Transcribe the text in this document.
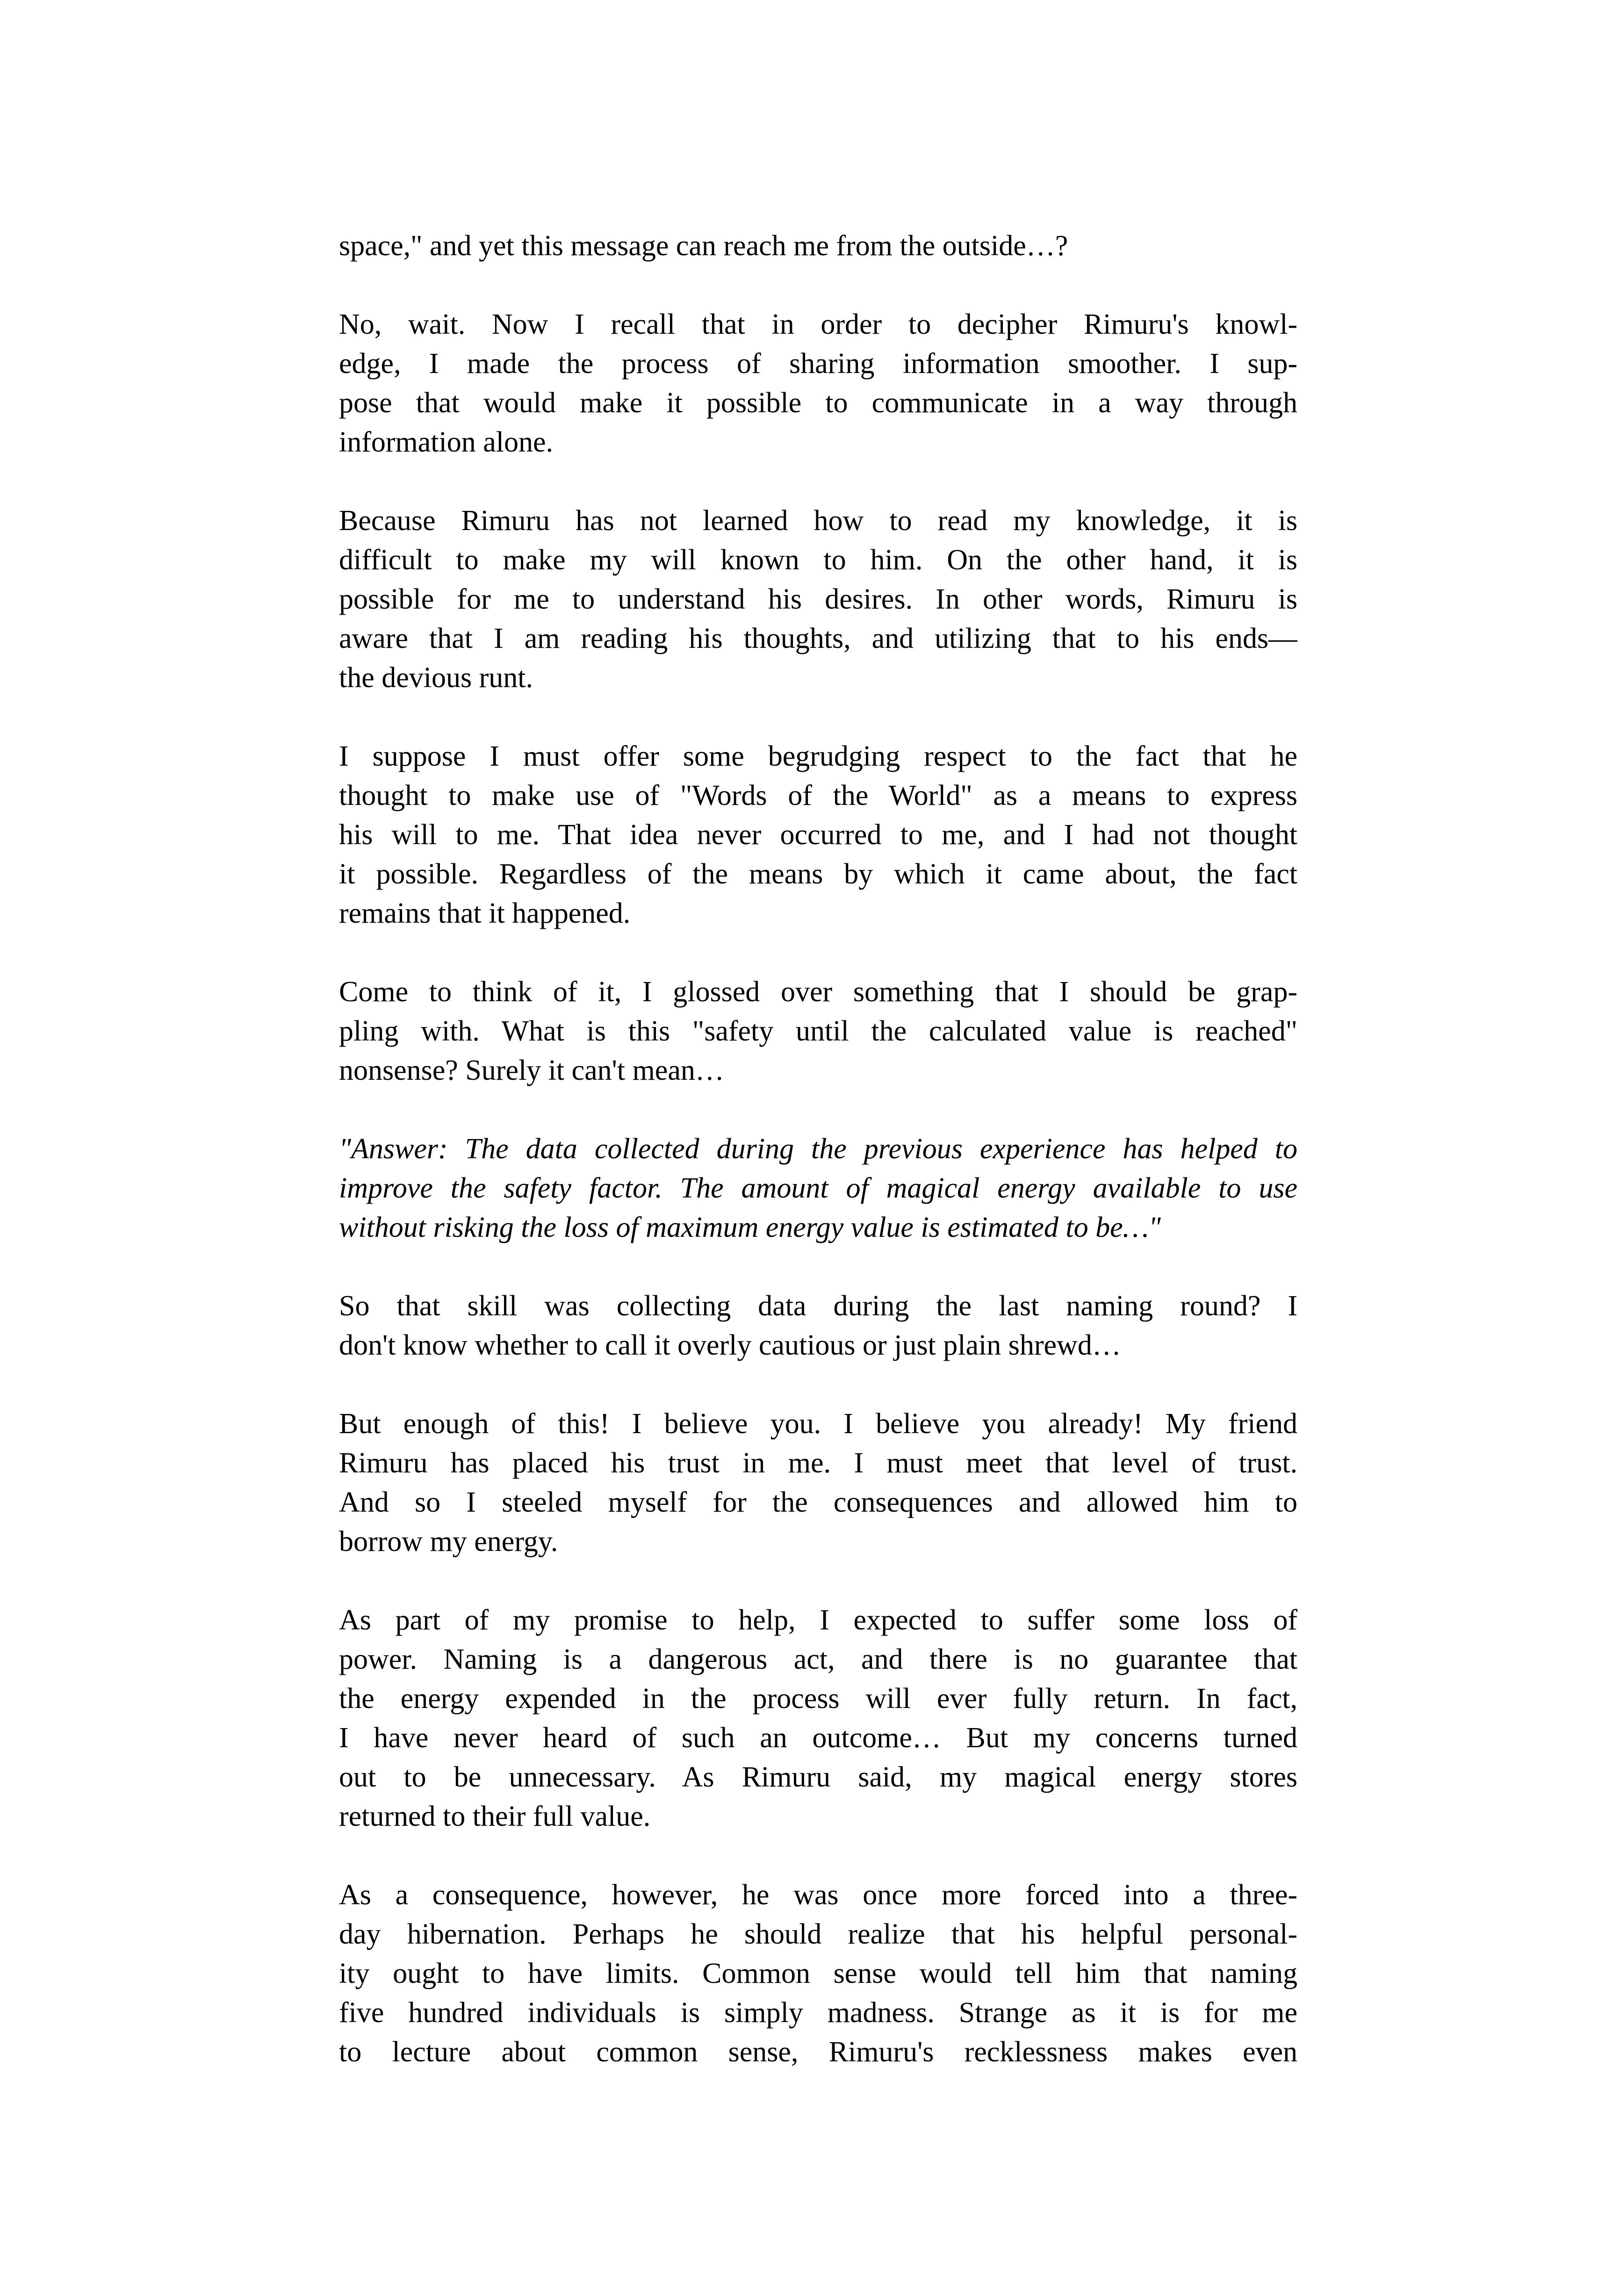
space," and yet this message can reach me from the outside…?

No, wait. Now I recall that in order to decipher Rimuru's knowl-
edge, I made the process of sharing information smoother. I sup-
pose that would make it possible to communicate in a way through
information alone.

Because Rimuru has not learned how to read my knowledge, it is
difficult to make my will known to him. On the other hand, it is
possible for me to understand his desires. In other words, Rimuru is
aware that I am reading his thoughts, and utilizing that to his ends—
the devious runt.

I suppose I must offer some begrudging respect to the fact that he
thought to make use of "Words of the World" as a means to express
his will to me. That idea never occurred to me, and I had not thought
it possible. Regardless of the means by which it came about, the fact
remains that it happened.

Come to think of it, I glossed over something that I should be grap-
pling with. What is this "safety until the calculated value is reached"
nonsense? Surely it can't mean…

"Answer: The data collected during the previous experience has helped to
improve the safety factor. The amount of magical energy available to use
without risking the loss of maximum energy value is estimated to be…"

So that skill was collecting data during the last naming round? I
don't know whether to call it overly cautious or just plain shrewd…

But enough of this! I believe you. I believe you already! My friend
Rimuru has placed his trust in me. I must meet that level of trust.
And so I steeled myself for the consequences and allowed him to
borrow my energy.

As part of my promise to help, I expected to suffer some loss of
power. Naming is a dangerous act, and there is no guarantee that
the energy expended in the process will ever fully return. In fact,
I have never heard of such an outcome… But my concerns turned
out to be unnecessary. As Rimuru said, my magical energy stores
returned to their full value.

As a consequence, however, he was once more forced into a three-
day hibernation. Perhaps he should realize that his helpful personal-
ity ought to have limits. Common sense would tell him that naming
five hundred individuals is simply madness. Strange as it is for me
to lecture about common sense, Rimuru's recklessness makes even
